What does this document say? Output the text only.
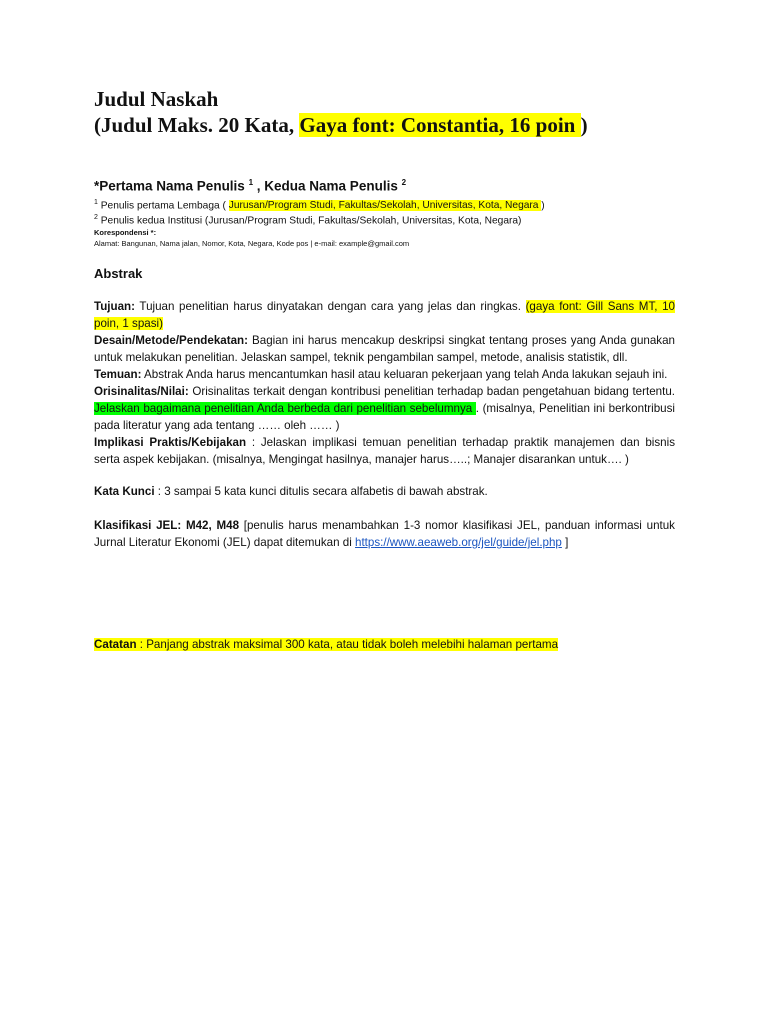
Judul Naskah
(Judul Maks. 20 Kata, Gaya font: Constantia, 16 poin )
*Pertama Nama Penulis $^1$ , Kedua Nama Penulis $^2$
$^1$ Penulis pertama Lembaga ( Jurusan/Program Studi, Fakultas/Sekolah, Universitas, Kota, Negara )
$^2$ Penulis kedua Institusi (Jurusan/Program Studi, Fakultas/Sekolah, Universitas, Kota, Negara)
Korespondensi *:
Alamat: Bangunan, Nama jalan, Nomor, Kota, Negara, Kode pos | e-mail: example@gmail.com
Abstrak

Tujuan: Tujuan penelitian harus dinyatakan dengan cara yang jelas dan ringkas. (gaya font: Gill Sans MT, 10 poin, 1 spasi)

Desain/Metode/Pendekatan: Bagian ini harus mencakup deskripsi singkat tentang proses yang Anda gunakan untuk melakukan penelitian. Jelaskan sampel, teknik pengambilan sampel, metode, analisis statistik, dll.

Temuan: Abstrak Anda harus mencantumkan hasil atau keluaran pekerjaan yang telah Anda lakukan sejauh ini.

Orisinalitas/Nilai: Orisinalitas terkait dengan kontribusi penelitian terhadap badan pengetahuan bidang tertentu. Jelaskan bagaimana penelitian Anda berbeda dari penelitian sebelumnya . (misalnya, Penelitian ini berkontribusi pada literatur yang ada tentang …… oleh …… )

Implikasi Praktis/Kebijakan : Jelaskan implikasi temuan penelitian terhadap praktik manajemen dan bisnis serta aspek kebijakan. (misalnya, Mengingat hasilnya, manajer harus…..; Manajer disarankan untuk…. )

Kata Kunci : 3 sampai 5 kata kunci ditulis secara alfabetis di bawah abstrak.

Klasifikasi JEL: M42, M48 [penulis harus menambahkan 1-3 nomor klasifikasi JEL, panduan informasi untuk Jurnal Literatur Ekonomi (JEL) dapat ditemukan di https://www.aeaweb.org/jel/guide/jel.php ]

Catatan : Panjang abstrak maksimal 300 kata, atau tidak boleh melebihi halaman pertama
